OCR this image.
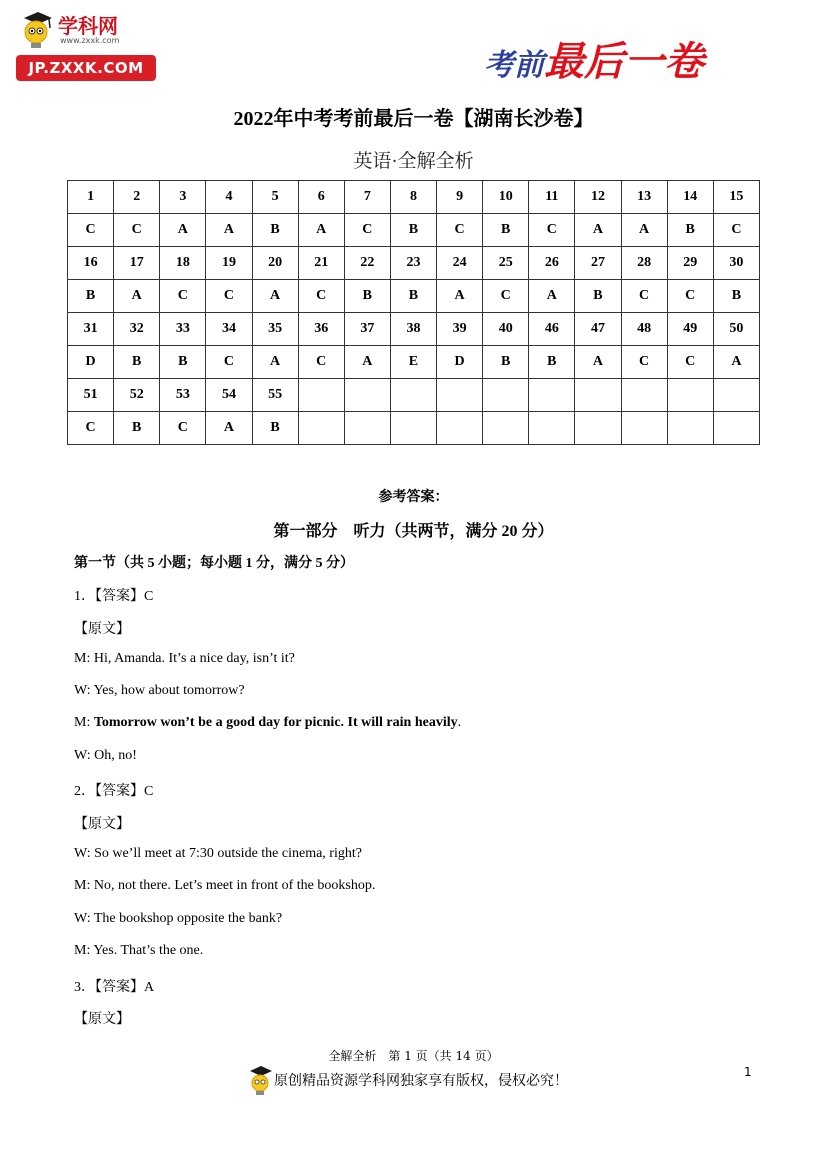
学科网
www.zxxk.com
JP.ZXXK.COM	考前最后一卷
2022年中考考前最后一卷【湖南长沙卷】
英语·全解全析
1	2	3	4	5	6	7	8	9	10	11	12	13	14	15
C	C	A	A	B	A	C	B	C	B	C	A	A	B	C
16	17	18	19	20	21	22	23	24	25	26	27	28	29	30
B	A	C	C	A	C	B	B	A	C	A	B	C	C	B
31	32	33	34	35	36	37	38	39	40	46	47	48	49	50
D	B	B	C	A	C	A	E	D	B	B	A	C	C	A
51	52	53	54	55										
C	B	C	A	B										
参考答案：
第一部分　听力（共两节，满分 20 分）
第一节（共 5 小题；每小题 1 分，满分 5 分）
1．【答案】C
【原文】
M: Hi, Amanda. It’s a nice day, isn’t it?
W: Yes, how about tomorrow?
M: Tomorrow won’t be a good day for picnic. It will rain heavily.
W: Oh, no!
2．【答案】C
【原文】
W: So we’ll meet at 7:30 outside the cinema, right?
M: No, not there. Let’s meet in front of the bookshop.
W: The bookshop opposite the bank?
M: Yes. That’s the one.
3．【答案】A
【原文】
全解全析　第 1 页（共 14 页）
1
原创精品资源学科网独家享有版权，侵权必究！
